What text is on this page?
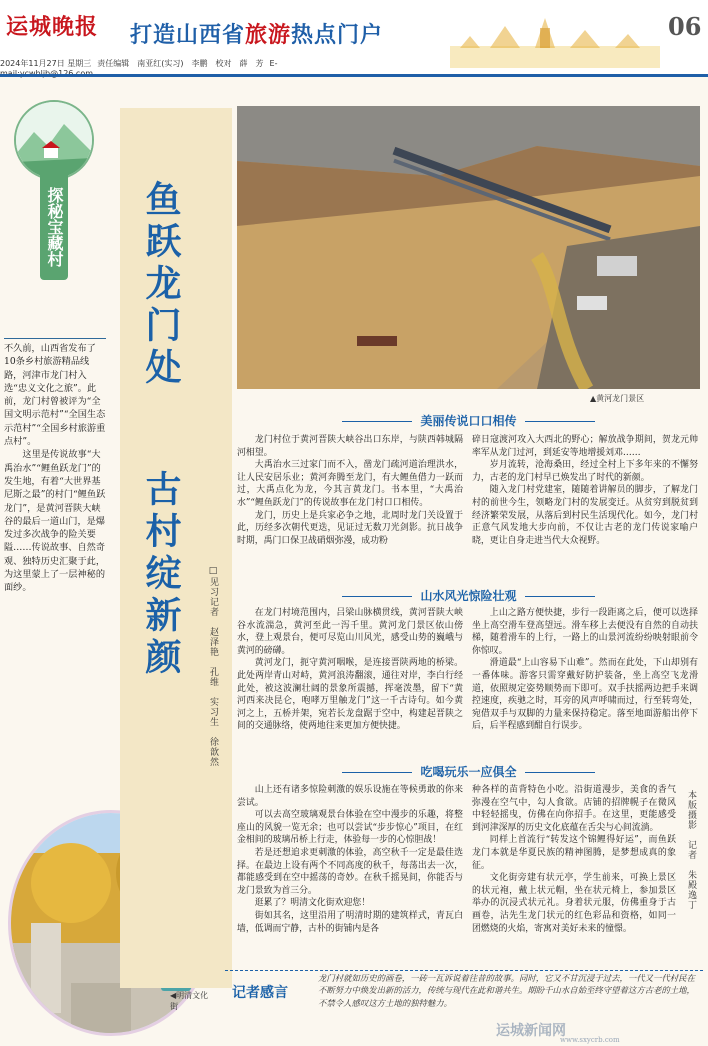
运城晚报 打造山西省旅游热点门户	06
2024年11月27日 星期三 责任编辑　南亚红(实习)　李鹏　校对　薛　芳 E-
探秘宝藏村

不久前，山西省发布了10条乡村旅游精品线路，河津市龙门村入选“忠义文化之旅”。此前，龙门村曾被评为“全国文明示范村”“全国生态示范村”“全国乡村旅游重点村”。

这里是传说故事“大禹治水”“鲤鱼跃龙门”的发生地，有着“大世界基尼斯之最”的村门“鲤鱼跃龙门”，是黄河晋陕大峡谷的最后一道山门，是爆发过多次战争的险关要隘……传说故事、自然奇观、独特历史汇聚于此，为这里蒙上了一层神秘的面纱。

◀明清文化街
鱼跃龙门处
古村绽新颜	□见习记者　赵泽艳　孔维　实习生　徐歆然
▲黄河龙门景区
美丽传说口口相传

龙门村位于黄河晋陕大峡谷出口东岸，与陕西韩城隔河相望。

大禹治水三过家门而不入，凿龙门疏河道治理洪水，让人民安居乐业；黄河奔腾至龙门，有大鲤鱼借力一跃而过，大禹点化为龙，今其言黄龙门。书本里，“大禹治水”“鲤鱼跃龙门”的传说故事在龙门村口口相传。

龙门，历史上是兵家必争之地，北周时龙门关设置于此，历经多次朝代更迭，见证过无数刀光剑影。抗日战争时期，禹门口保卫战硝烟弥漫，成功粉

碎日寇渡河攻入大西北的野心；解放战争期间，贺龙元帅率军从龙门过河，到延安等地增援刘邓……

岁月流转，沧海桑田，经过全村上下多年来的不懈努力，古老的龙门村早已焕发出了时代的新颜。

随入龙门村党建室，随随着讲解员的脚步，了解龙门村的前世今生，领略龙门村的发展变迁。从贫穷到脱贫到经济繁荣发展，从落后到村民生活现代化。如今，龙门村正意气风发地大步向前，不仅让古老的龙门传说家喻户晓，更让自身走进当代大众视野。

山水风光惊险壮观

在龙门村境范围内，吕梁山脉横贯线，黄河晋陕大峡谷水流湍急，黄河至此一泻千里。黄河龙门景区依山傍水，登上观景台，便可尽览山川风光，感受山势的巍峨与黄河的磅礴。

黄河龙门，扼守黄河咽喉，是连接晋陕两地的桥梁。此处两岸青山对峙，黄河浪涛翻滚，通往对岸，李白行经此处，被这波澜壮阔的景象所震撼，挥毫泼墨，留下“黄河西来决昆仑，咆哮万里触龙门”这一千古诗句。如今黄河之上，五桥并架，宛若长龙盘踞于空中，构建起晋陕之间的交通脉络，使两地往来更加方便快捷。

上山之路方便快捷，步行一段距离之后，便可以选择坐上高空滑车登高望远。滑车移上去便没有自然的自动扶梯，随着滑车的上行，一路上的山景河流纷纷映射眼前令你惊叹。

滑道最“上山容易下山难”。然而在此处，下山却别有一番体味。游客只需穿戴好防护装备，坐上高空飞龙滑道，依照规定姿势顺势而下即可。双手扶摇两边把手来调控速度，疾驰之时，耳旁的风声呼啸而过，行至转弯处，宛借双手与双脚的力量来保持稳定。落至地面游船出停下后，后半程感到酣自行误步。

吃喝玩乐一应俱全

山上还有诸多惊险刺激的娱乐设施在等候勇敢的你来尝试。

可以去高空玻璃观景台体验在空中漫步的乐趣，将整座山的风貌一览无余；也可以尝试“步步惊心”项目，在红金相间的玻璃吊桥上行走，体验每一步的心惊胆战！

若是还想追求更刺激的体验，高空秋千一定是最佳选择。在最边上设有两个不同高度的秋千，每荡出去一次，都能感受到在空中摇荡的奇妙。在秋千摇晃间，你能否与龙门景致为首三分。

逛累了？明清文化街欢迎您！

街如其名，这里沿用了明清时期的建筑样式，青瓦白墙，低调而宁静，古朴的街铺内是各

种各样的苗背特色小吃。沿街道漫步，美食的香气弥漫在空气中，勾人食欲。店铺的招牌幌子在微风中轻轻摇曳，仿佛在向你招手。在这里，更能感受到河津深厚的历史文化底蕴在舌尖与心间流淌。

同样上首流行“转发这个锦鲤得好运”，而鱼跃龙门本就是华夏民族的精神图腾，是梦想成真的象征。

文化街旁建有状元亭，学生前来，可换上景区的状元袍，戴上状元帽，坐在状元椅上，参加景区举办的沉浸式状元礼。身着状元服，仿佛重身于古画卷，沾先生龙门状元的红色彩品和资格，如同一团燃烧的火焰，寄寓对美好未来的憧憬。

本版摄影　记者　朱殿逸丁
记者感言
龙门村就如历史的画卷，一砖一瓦诉说着往昔的故事。同时，它又不甘沉浸于过去，一代又一代村民在不断努力中焕发出新的活力，传统与现代在此和谐共生。期盼千山水自始至终守望着这方古老的土地，不禁令人感叹这方土地的独特魅力。
运城新闻网
www.sxycrb.com
